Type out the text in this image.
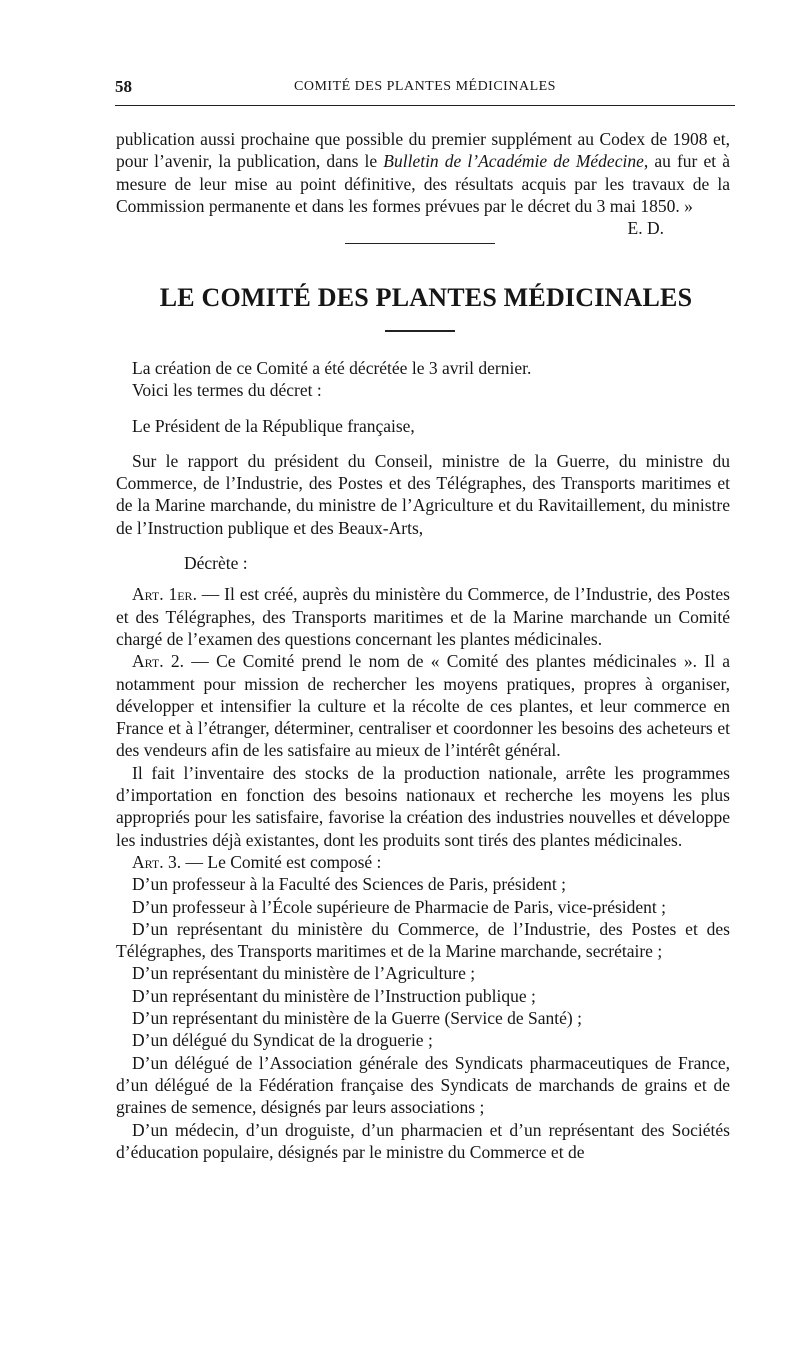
58	COMITÉ DES PLANTES MÉDICINALES
publication aussi prochaine que possible du premier supplément au Codex de 1908 et, pour l’avenir, la publication, dans le Bulletin de l’Académie de Médecine, au fur et à mesure de leur mise au point définitive, des résultats acquis par les travaux de la Commission permanente et dans les formes prévues par le décret du 3 mai 1850. »
E. D.
LE COMITÉ DES PLANTES MÉDICINALES

La création de ce Comité a été décrétée le 3 avril dernier.

Voici les termes du décret :

Le Président de la République française,

Sur le rapport du président du Conseil, ministre de la Guerre, du ministre du Commerce, de l’Industrie, des Postes et des Télégraphes, des Transports maritimes et de la Marine marchande, du ministre de l’Agriculture et du Ravitaillement, du ministre de l’Instruction publique et des Beaux-Arts,

Décrète :

Art. 1er. — Il est créé, auprès du ministère du Commerce, de l’Industrie, des Postes et des Télégraphes, des Transports maritimes et de la Marine marchande un Comité chargé de l’examen des questions concernant les plantes médicinales.

Art. 2. — Ce Comité prend le nom de « Comité des plantes médicinales ». Il a notamment pour mission de rechercher les moyens pratiques, propres à organiser, développer et intensifier la culture et la récolte de ces plantes, et leur commerce en France et à l’étranger, déterminer, centraliser et coordonner les besoins des acheteurs et des vendeurs afin de les satisfaire au mieux de l’intérêt général.

Il fait l’inventaire des stocks de la production nationale, arrête les programmes d’importation en fonction des besoins nationaux et recherche les moyens les plus appropriés pour les satisfaire, favorise la création des industries nouvelles et développe les industries déjà existantes, dont les produits sont tirés des plantes médicinales.

Art. 3. — Le Comité est composé :

D’un professeur à la Faculté des Sciences de Paris, président ;

D’un professeur à l’École supérieure de Pharmacie de Paris, vice-président ;

D’un représentant du ministère du Commerce, de l’Industrie, des Postes et des Télégraphes, des Transports maritimes et de la Marine marchande, secrétaire ;

D’un représentant du ministère de l’Agriculture ;

D’un représentant du ministère de l’Instruction publique ;

D’un représentant du ministère de la Guerre (Service de Santé) ;

D’un délégué du Syndicat de la droguerie ;

D’un délégué de l’Association générale des Syndicats pharmaceutiques de France, d’un délégué de la Fédération française des Syndicats de marchands de grains et de graines de semence, désignés par leurs associations ;

D’un médecin, d’un droguiste, d’un pharmacien et d’un représentant des Sociétés d’éducation populaire, désignés par le ministre du Commerce et de
